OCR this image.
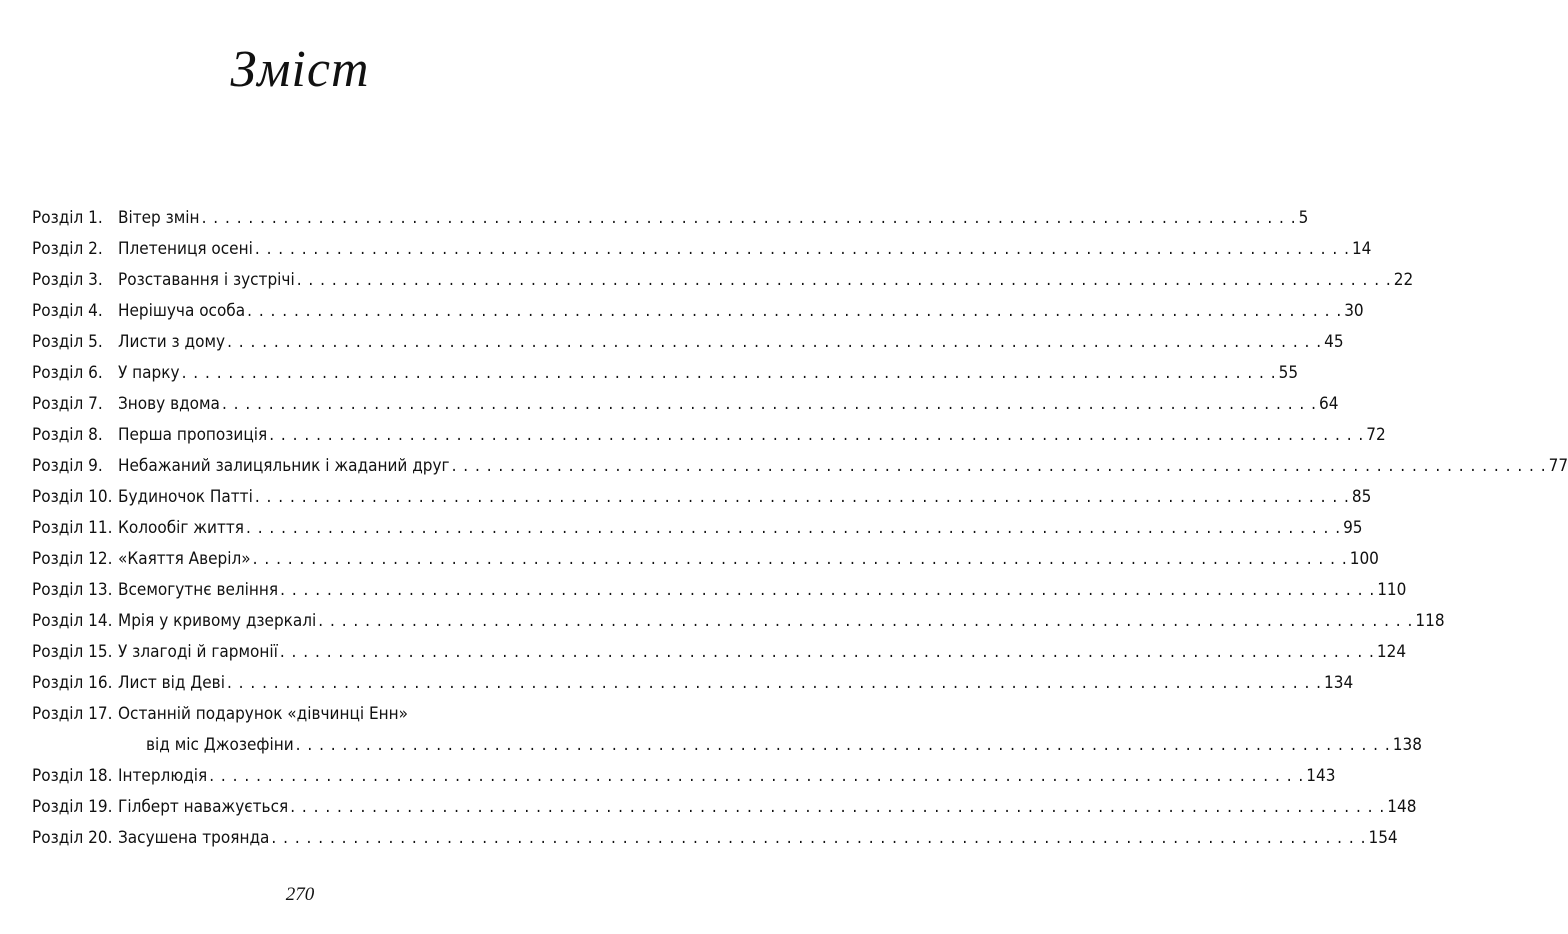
Зміст
Розділ 1. Вітер змін . . .	5
Розділ 2. Плетениця осені . . .	14
Розділ 3. Розставання і зустрічі . . .	22
Розділ 4. Нерішуча особа . . .	30
Розділ 5. Листи з дому . . .	45
Розділ 6. У парку . . .	55
Розділ 7. Знову вдома . . .	64
Розділ 8. Перша пропозиція . . .	72
Розділ 9. Небажаний залицяльник і жаданий друг . . .	77
Розділ 10. Будиночок Патті . . .	85
Розділ 11. Колообіг життя . . .	95
Розділ 12. «Каяття Аверіл» . . .	100
Розділ 13. Всемогутнє веління . . .	110
Розділ 14. Мрія у кривому дзеркалі . . .	118
Розділ 15. У злагоді й гармонії . . .	124
Розділ 16. Лист від Деві . . .	134
Розділ 17. Останній подарунок «дівчинці Енн»
від міс Джозефіни . . .	138
Розділ 18. Інтерлюдія . . .	143
Розділ 19. Гілберт наважується . . .	148
Розділ 20. Засушена троянда . . .	154
270
